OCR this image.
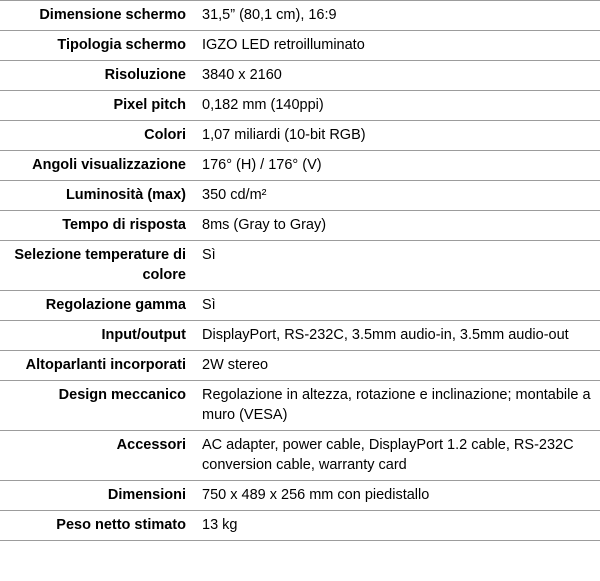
Dimensione schermo	31,5” (80,1 cm), 16:9
Tipologia schermo	IGZO LED retroilluminato
Risoluzione	3840 x 2160
Pixel pitch	0,182 mm (140ppi)
Colori	1,07 miliardi (10-bit RGB)
Angoli visualizzazione	176° (H) / 176° (V)
Luminosità (max)	350 cd/m²
Tempo di risposta	8ms (Gray to Gray)
Selezione temperature di colore	Sì
Regolazione gamma	Sì
Input/output	DisplayPort, RS-232C, 3.5mm audio-in, 3.5mm audio-out
Altoparlanti incorporati	2W stereo
Design meccanico	Regolazione in altezza, rotazione e inclinazione; montabile a muro (VESA)
Accessori	AC adapter, power cable, DisplayPort 1.2 cable, RS-232C conversion cable, warranty card
Dimensioni	750 x 489 x 256 mm con piedistallo
Peso netto stimato	13 kg
